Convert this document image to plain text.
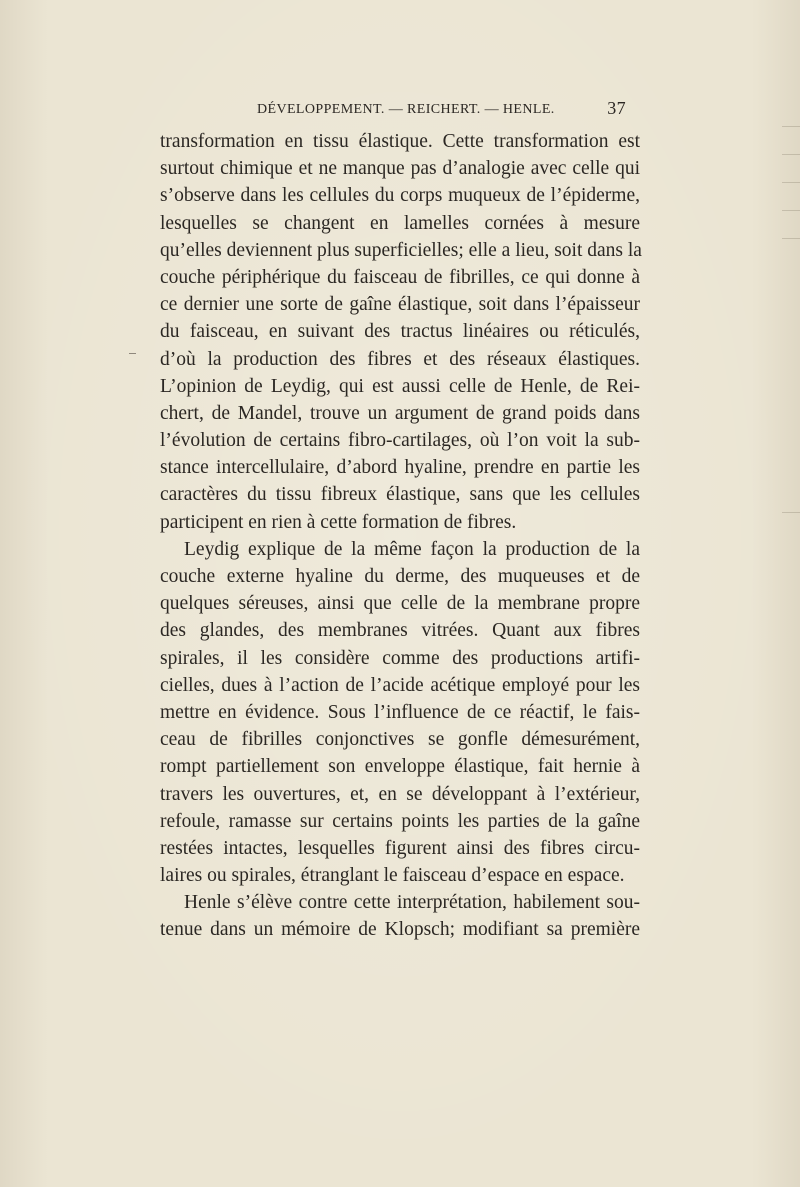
DÉVELOPPEMENT. — REICHERT. — HENLE.	37
transformation en tissu élastique. Cette transformation est
surtout chimique et ne manque pas d’analogie avec celle qui
s’observe dans les cellules du corps muqueux de l’épiderme,
lesquelles se changent en lamelles cornées à mesure
qu’elles deviennent plus superficielles; elle a lieu, soit dans la
couche périphérique du faisceau de fibrilles, ce qui donne à
ce dernier une sorte de gaîne élastique, soit dans l’épaisseur
du faisceau, en suivant des tractus linéaires ou réticulés,
d’où la production des fibres et des réseaux élastiques.
L’opinion de Leydig, qui est aussi celle de Henle, de Rei-
chert, de Mandel, trouve un argument de grand poids dans
l’évolution de certains fibro-cartilages, où l’on voit la sub-
stance intercellulaire, d’abord hyaline, prendre en partie les
caractères du tissu fibreux élastique, sans que les cellules
participent en rien à cette formation de fibres.
Leydig explique de la même façon la production de la
couche externe hyaline du derme, des muqueuses et de
quelques séreuses, ainsi que celle de la membrane propre
des glandes, des membranes vitrées. Quant aux fibres
spirales, il les considère comme des productions artifi-
cielles, dues à l’action de l’acide acétique employé pour les
mettre en évidence. Sous l’influence de ce réactif, le fais-
ceau de fibrilles conjonctives se gonfle démesurément,
rompt partiellement son enveloppe élastique, fait hernie à
travers les ouvertures, et, en se développant à l’extérieur,
refoule, ramasse sur certains points les parties de la gaîne
restées intactes, lesquelles figurent ainsi des fibres circu-
laires ou spirales, étranglant le faisceau d’espace en espace.
Henle s’élève contre cette interprétation, habilement sou-
tenue dans un mémoire de Klopsch; modifiant sa première
